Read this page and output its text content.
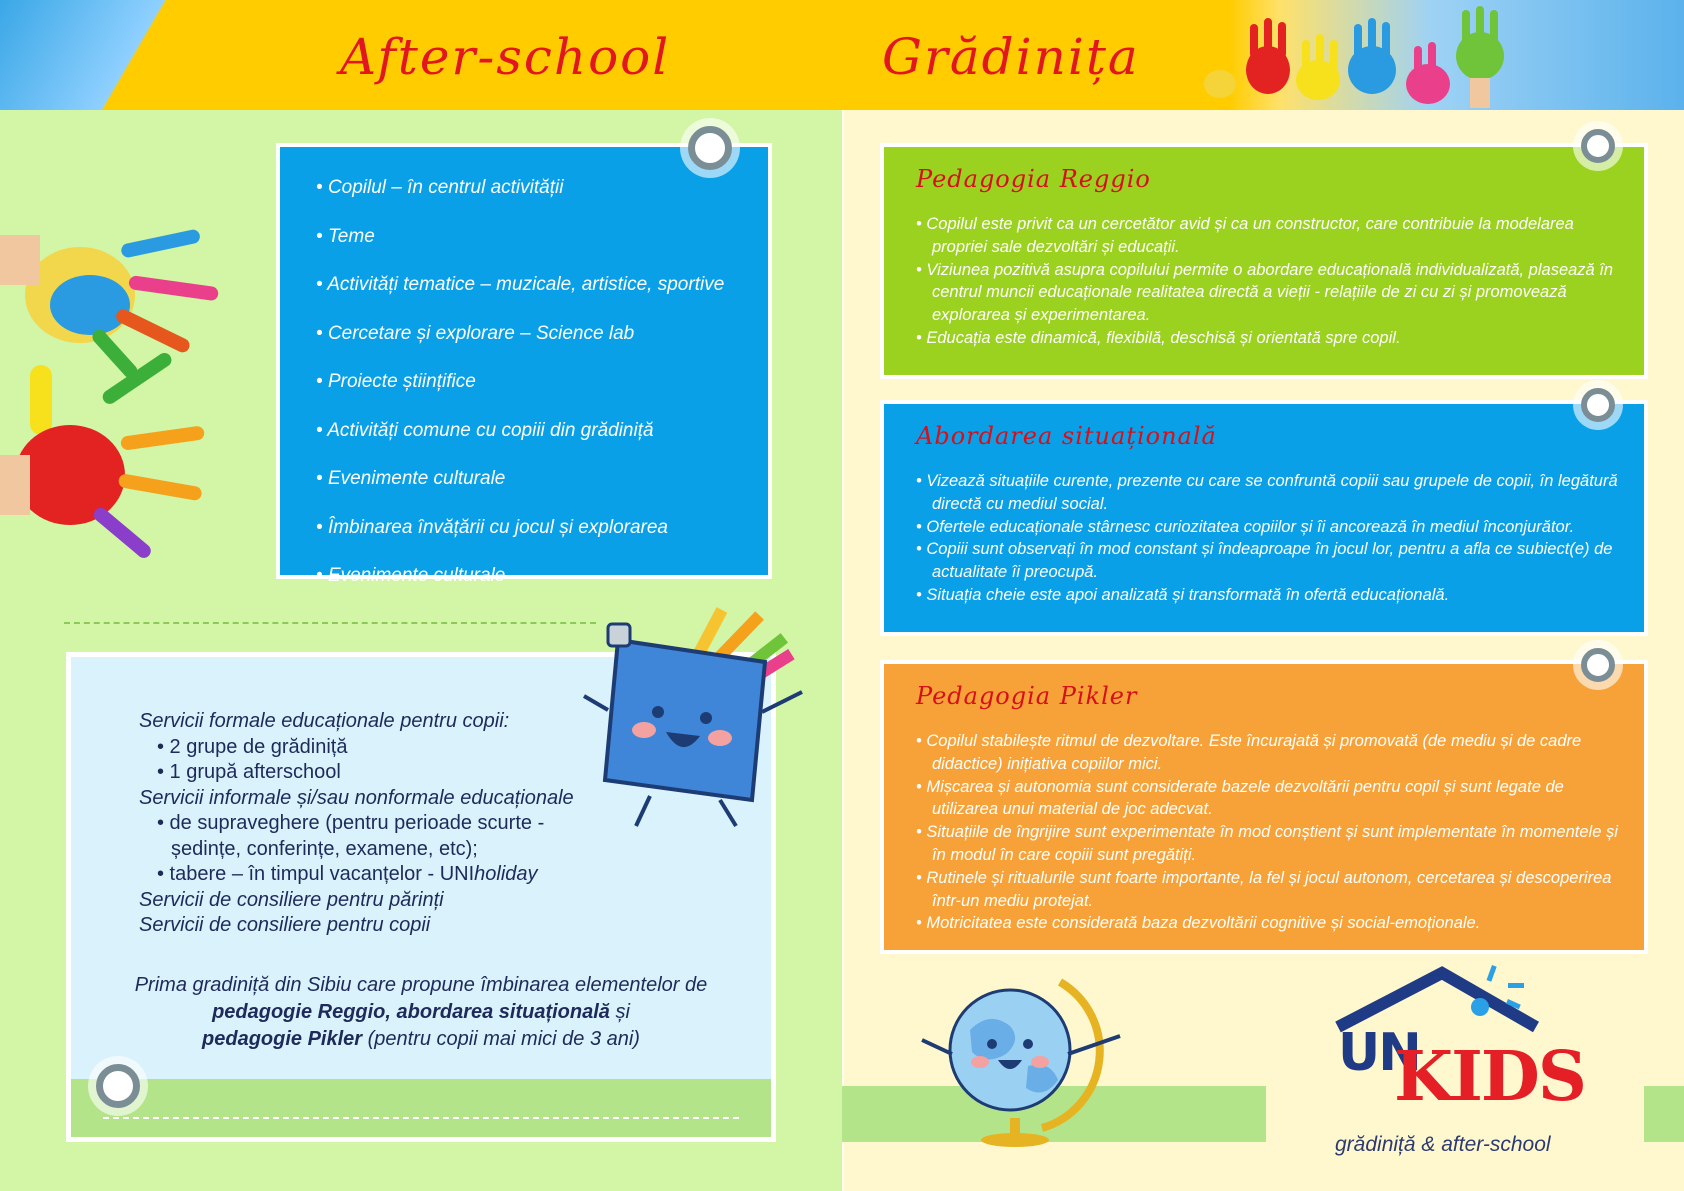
After-school	Grădinița
• Copilul – în centrul activității
• Teme
• Activități tematice – muzicale, artistice, sportive
• Cercetare și explorare – Science lab
• Proiecte științifice
• Activități comune cu copiii din grădiniță
• Evenimente culturale
• Îmbinarea învățării cu jocul și explorarea
• Evenimente culturale
Servicii formale educaționale pentru copii:
• 2 grupe de grădiniță
• 1 grupă afterschool
Servicii informale și/sau nonformale educaționale
• de supraveghere (pentru perioade scurte -
ședințe, conferințe, examene, etc);
• tabere – în timpul vacanțelor - UNIholiday
Servicii de consiliere pentru părinți
Servicii de consiliere pentru copii
Prima gradiniță din Sibiu care propune îmbinarea elementelor de
pedagogie Reggio, abordarea situațională și
pedagogie Pikler (pentru copii mai mici de 3 ani)
Pedagogia Reggio
• Copilul este privit ca un cercetător avid și ca un constructor, care contribuie la modelarea propriei sale dezvoltări și educații.
• Viziunea pozitivă asupra copilului permite o abordare educațională individualizată, plasează în centrul muncii educaționale realitatea directă a vieții - relațiile de zi cu zi și promovează explorarea și experimentarea.
• Educația este dinamică, flexibilă, deschisă și orientată spre copil.
Abordarea situațională
• Vizează situațiile curente, prezente cu care se confruntă copiii sau grupele de copii, în legătură directă cu mediul social.
• Ofertele educaționale stârnesc curiozitatea copiilor și îi ancorează în mediul înconjurător.
• Copiii sunt observați în mod constant și îndeaproape în jocul lor, pentru a afla ce subiect(e) de actualitate îi preocupă.
• Situația cheie este apoi analizată și transformată în ofertă educațională.
Pedagogia Pikler
• Copilul stabilește ritmul de dezvoltare. Este încurajată și promovată (de mediu și de cadre didactice) inițiativa copiilor mici.
• Mișcarea și autonomia sunt considerate bazele dezvoltării pentru copil și sunt legate de utilizarea unui material de joc adecvat.
• Situațiile de îngrijire sunt experimentate în mod conștient și sunt implementate în momentele și în modul în care copiii sunt pregătiți.
• Rutinele și ritualurile sunt foarte importante, la fel și jocul autonom, cercetarea și descoperirea într-un mediu protejat.
• Motricitatea este considerată baza dezvoltării cognitive și social-emoționale.
UN
KIDS
grădiniță & after-school
